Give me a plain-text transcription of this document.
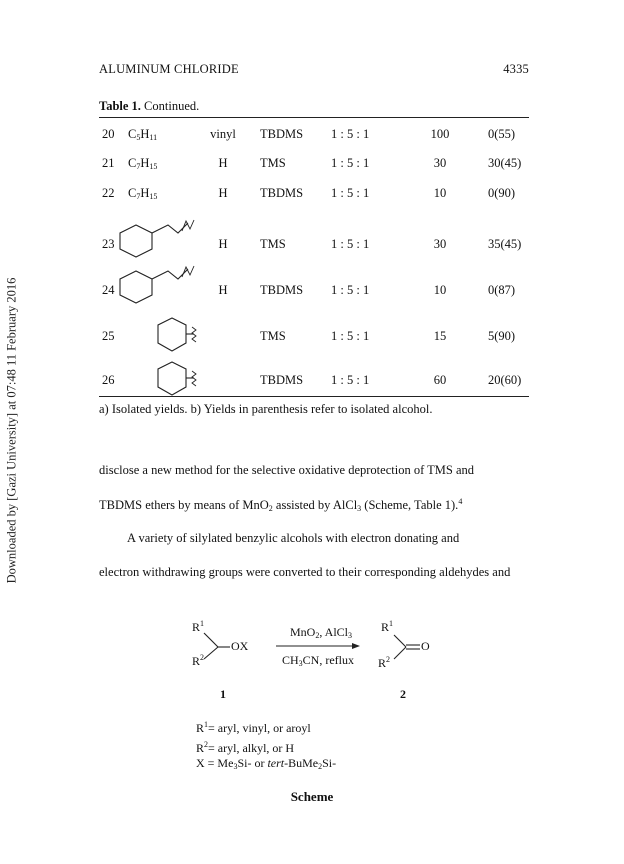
Downloaded by [Gazi University] at 07:48 11 February 2016
ALUMINUM CHLORIDE	4335
Table 1. Continued.
20 $C_5H_{11}$	vinyl	TBDMS 1 : 5 : 1	100	0(55)
21 $C_7H_{15}$	H	TMS	1 : 5 : 1	30	30(45)
22 $C_7H_{15}$	H	TBDMS 1 : 5 : 1	10	0(90)
23	H	TMS	1 : 5 : 1	30	35(45)
24	H	TBDMS 1 : 5 : 1	10	0(87)
25	TMS	1 : 5 : 1	15	5(90)
26	TBDMS 1 : 5 : 1	60	20(60)
a) Isolated yields. b) Yields in parenthesis refer to isolated alcohol.
disclose a new method for the selective oxidative deprotection of TMS and
TBDMS ethers by means of MnO$_2$ assisted by AlCl$_3$ (Scheme, Table 1).$^4$
A variety of silylated benzylic alcohols with electron donating and
electron withdrawing groups were converted to their corresponding aldehydes and
$R^1$
$R^2$
OX
MnO$_2$, AlCl$_3$
$CH_3CN$, reflux
$R^1$
$R^2$
O
1	2
$R^1=$ aryl, vinyl, or aroyl
$R^2=$ aryl, alkyl, or H
$X = Me_3Si-$ or tert-BuMe$_2$Si-
Scheme
